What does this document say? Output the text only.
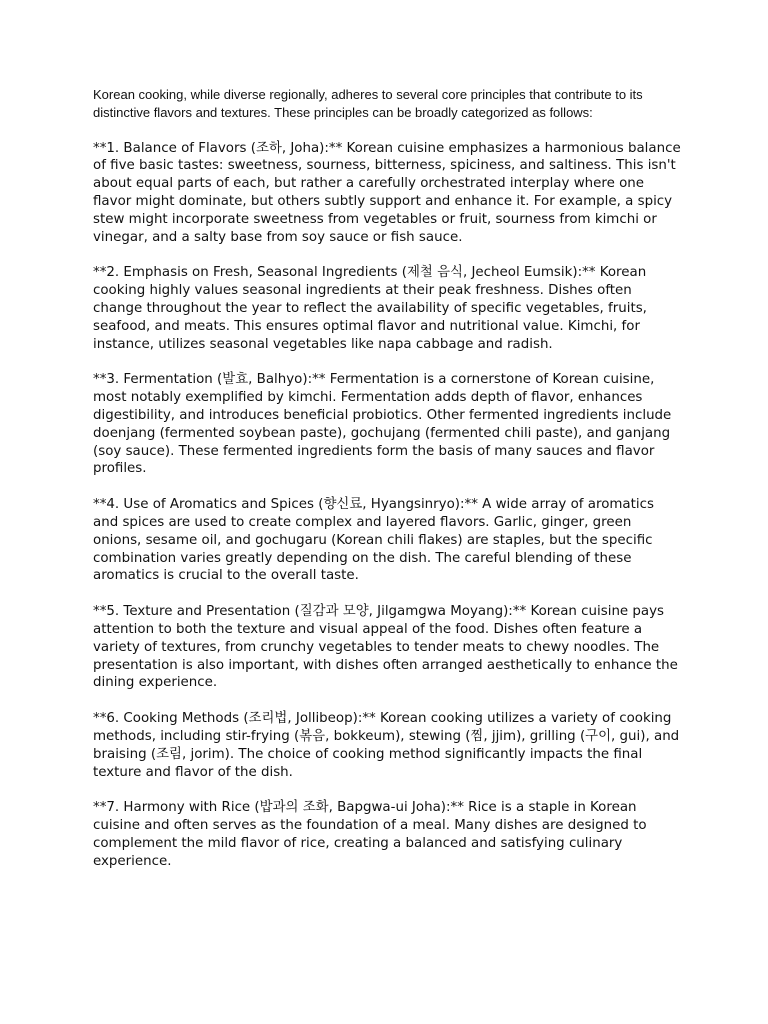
Korean cooking, while diverse regionally, adheres to several core principles that contribute to its distinctive flavors and textures. These principles can be broadly categorized as follows:

**1. Balance of Flavors (조하, Joha):** Korean cuisine emphasizes a harmonious balance of five basic tastes: sweetness, sourness, bitterness, spiciness, and saltiness. This isn't about equal parts of each, but rather a carefully orchestrated interplay where one flavor might dominate, but others subtly support and enhance it. For example, a spicy stew might incorporate sweetness from vegetables or fruit, sourness from kimchi or vinegar, and a salty base from soy sauce or fish sauce.

**2. Emphasis on Fresh, Seasonal Ingredients (제철 음식, Jecheol Eumsik):** Korean cooking highly values seasonal ingredients at their peak freshness. Dishes often change throughout the year to reflect the availability of specific vegetables, fruits, seafood, and meats. This ensures optimal flavor and nutritional value. Kimchi, for instance, utilizes seasonal vegetables like napa cabbage and radish.

**3. Fermentation (발효, Balhyo):** Fermentation is a cornerstone of Korean cuisine, most notably exemplified by kimchi. Fermentation adds depth of flavor, enhances digestibility, and introduces beneficial probiotics. Other fermented ingredients include doenjang (fermented soybean paste), gochujang (fermented chili paste), and ganjang (soy sauce). These fermented ingredients form the basis of many sauces and flavor profiles.

**4. Use of Aromatics and Spices (향신료, Hyangsinryo):** A wide array of aromatics and spices are used to create complex and layered flavors. Garlic, ginger, green onions, sesame oil, and gochugaru (Korean chili flakes) are staples, but the specific combination varies greatly depending on the dish. The careful blending of these aromatics is crucial to the overall taste.

**5. Texture and Presentation (질감과 모양, Jilgamgwa Moyang):** Korean cuisine pays attention to both the texture and visual appeal of the food. Dishes often feature a variety of textures, from crunchy vegetables to tender meats to chewy noodles. The presentation is also important, with dishes often arranged aesthetically to enhance the dining experience.

**6. Cooking Methods (조리법, Jollibeop):** Korean cooking utilizes a variety of cooking methods, including stir-frying (볶음, bokkeum), stewing (찜, jjim), grilling (구이, gui), and braising (조림, jorim). The choice of cooking method significantly impacts the final texture and flavor of the dish.

**7. Harmony with Rice (밥과의 조화, Bapgwa-ui Joha):** Rice is a staple in Korean cuisine and often serves as the foundation of a meal. Many dishes are designed to complement the mild flavor of rice, creating a balanced and satisfying culinary experience.
